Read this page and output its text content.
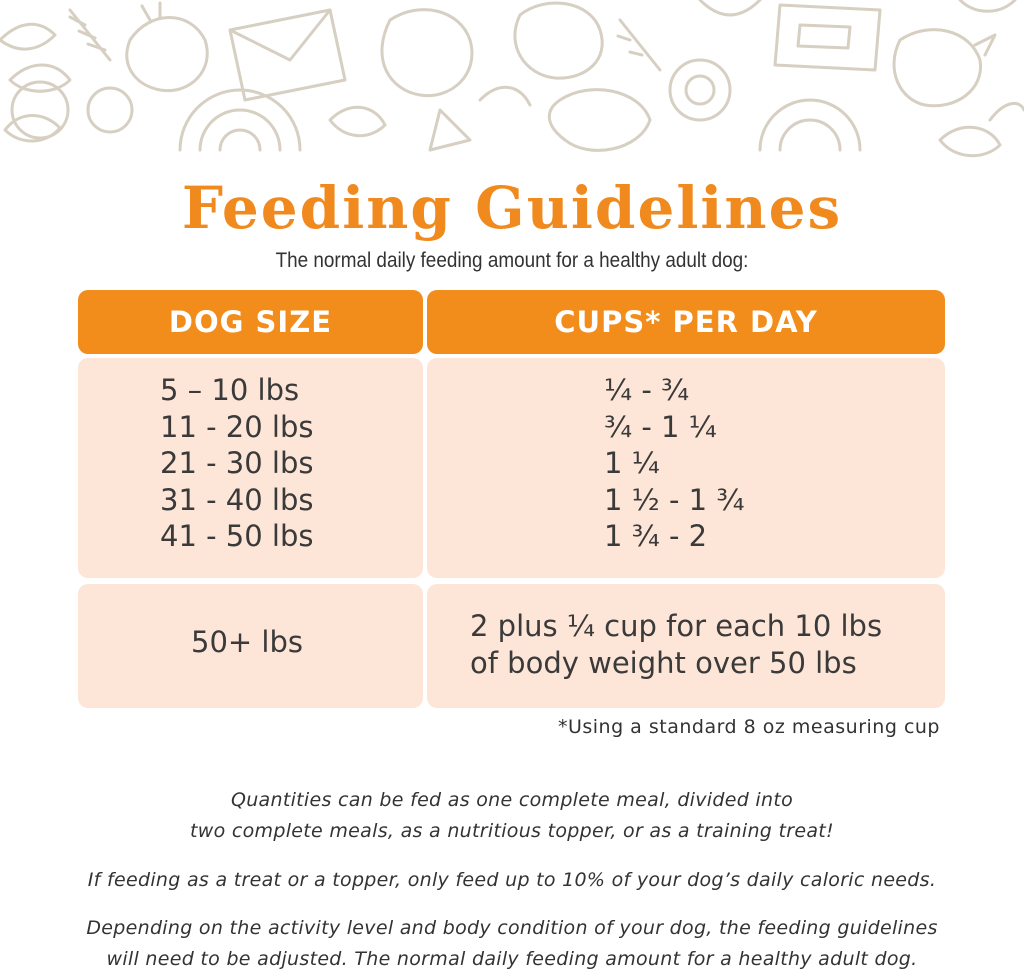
Feeding Guidelines
The normal daily feeding amount for a healthy adult dog:
DOG SIZE	CUPS* PER DAY
5 – 10 lbs
11 - 20 lbs
21 - 30 lbs
31 - 40 lbs
41 - 50 lbs
¼ - ¾
¾ - 1 ¼
1 ¼
1 ½ - 1 ¾
1 ¾ - 2
50+ lbs	2 plus ¼ cup for each 10 lbs
of body weight over 50 lbs
*Using a standard 8 oz measuring cup
Quantities can be fed as one complete meal, divided into
two complete meals, as a nutritious topper, or as a training treat!
If feeding as a treat or a topper, only feed up to 10% of your dog’s daily caloric needs.
Depending on the activity level and body condition of your dog, the feeding guidelines
will need to be adjusted. The normal daily feeding amount for a healthy adult dog.
